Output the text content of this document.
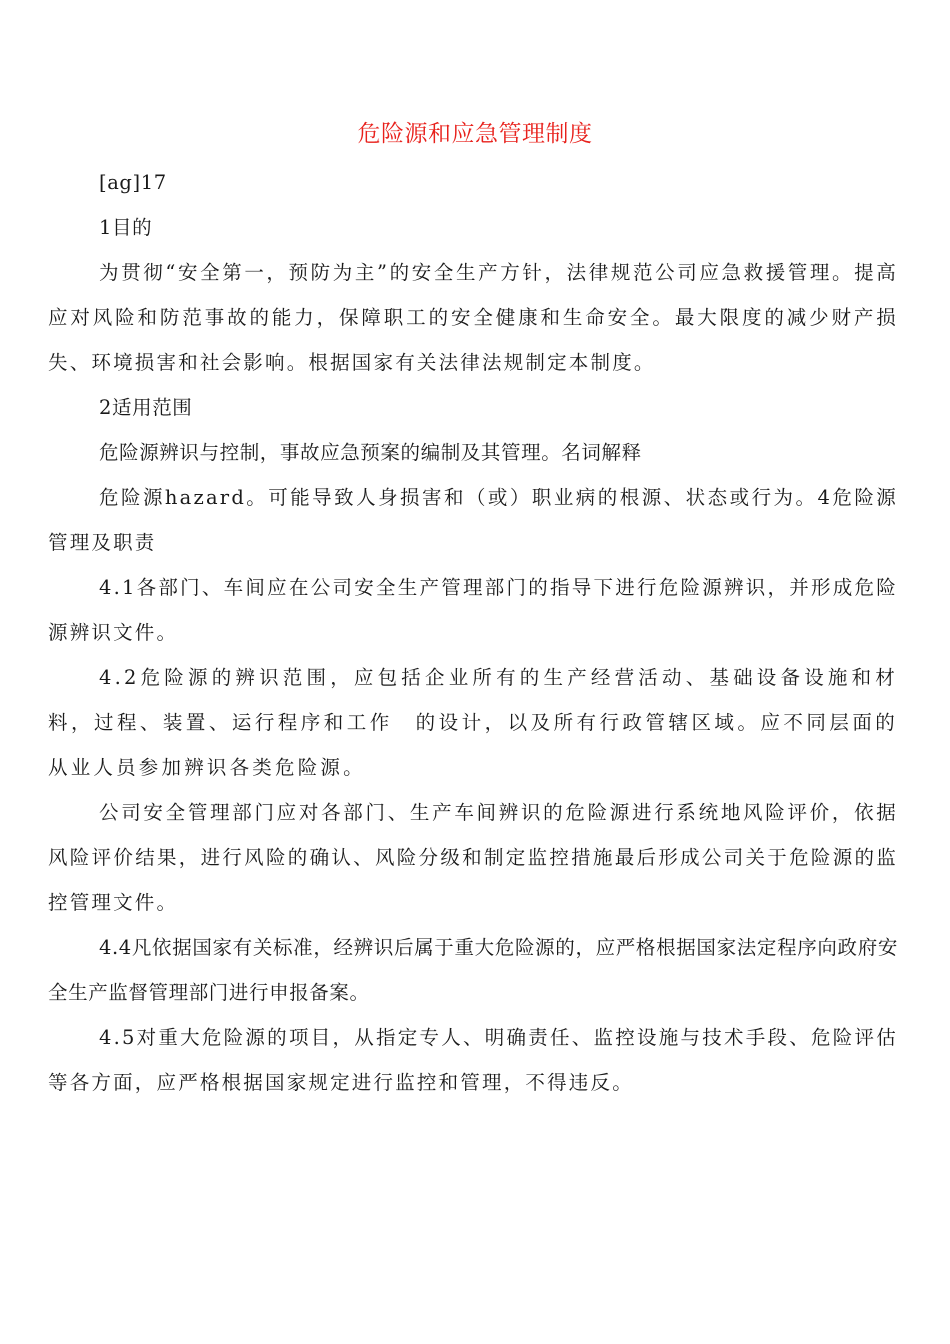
危险源和应急管理制度

[ag]17

1目的

为贯彻“安全第一，预防为主”的安全生产方针，法律规范公司应急救援管理。提高应对风险和防范事故的能力，保障职工的安全健康和生命安全。最大限度的减少财产损失、环境损害和社会影响。根据国家有关法律法规制定本制度。

2适用范围

危险源辨识与控制，事故应急预案的编制及其管理。名词解释

危险源hazard。可能导致人身损害和（或）职业病的根源、状态或行为。4危险源管理及职责

4.1各部门、车间应在公司安全生产管理部门的指导下进行危险源辨识，并形成危险源辨识文件。

4.2危险源的辨识范围，应包括企业所有的生产经营活动、基础设备设施和材料，过程、装置、运行程序和工作　的设计，以及所有行政管辖区域。应不同层面的从业人员参加辨识各类危险源。

公司安全管理部门应对各部门、生产车间辨识的危险源进行系统地风险评价，依据风险评价结果，进行风险的确认、风险分级和制定监控措施最后形成公司关于危险源的监控管理文件。

4.4凡依据国家有关标准，经辨识后属于重大危险源的，应严格根据国家法定程序向政府安全生产监督管理部门进行申报备案。

4.5对重大危险源的项目，从指定专人、明确责任、监控设施与技术手段、危险评估等各方面，应严格根据国家规定进行监控和管理，不得违反。
